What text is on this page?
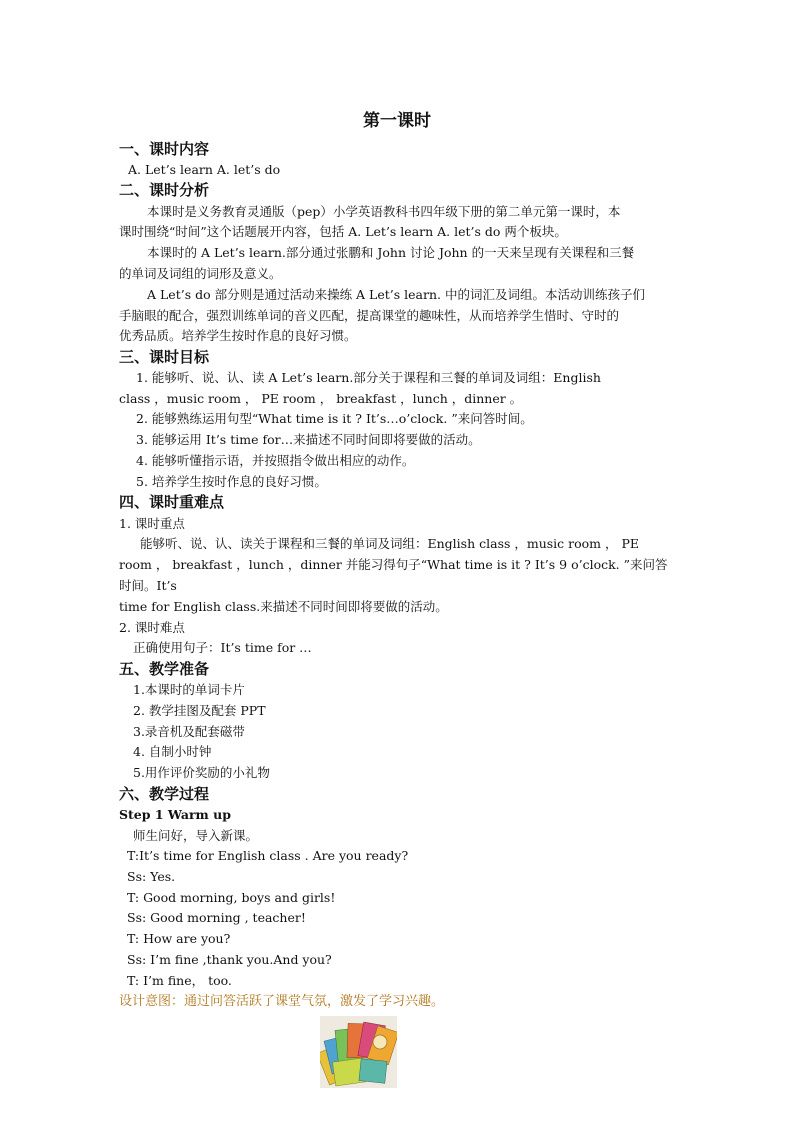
第一课时
一、课时内容
A. Let’s learn A. let’s do
二、课时分析
本课时是义务教育灵通版（pep）小学英语教科书四年级下册的第二单元第一课时，本
课时围绕“时间”这个话题展开内容，包括 A. Let’s learn A. let’s do 两个板块。
本课时的 A Let’s learn.部分通过张鹏和 John 讨论 John 的一天来呈现有关课程和三餐
的单词及词组的词形及意义。
A Let’s do 部分则是通过活动来操练 A Let’s learn. 中的词汇及词组。本活动训练孩子们
手脑眼的配合，强烈训练单词的音义匹配，提高课堂的趣味性，从而培养学生惜时、守时的
优秀品质。培养学生按时作息的良好习惯。
三、课时目标
1. 能够听、说、认、读 A Let’s learn.部分关于课程和三餐的单词及词组：English
class ，music room ， PE room ， breakfast ，lunch ，dinner 。
2. 能够熟练运用句型“What time is it ? It’s…o’clock. ”来问答时间。
3. 能够运用 It’s time for…来描述不同时间即将要做的活动。
4. 能够听懂指示语，并按照指令做出相应的动作。
5. 培养学生按时作息的良好习惯。
四、课时重难点
1. 课时重点
能够听、说、认、读关于课程和三餐的单词及词组：English class ，music room ， PE
room ， breakfast ，lunch ，dinner 并能习得句子“What time is it ? It’s 9 o’clock. ”来问答
时间。It’s
time for English class.来描述不同时间即将要做的活动。
2. 课时难点
正确使用句子：It’s time for …
五、教学准备
1.本课时的单词卡片
2. 教学挂图及配套 PPT
3.录音机及配套磁带
4. 自制小时钟
5.用作评价奖励的小礼物
六、教学过程
Step 1 Warm up
师生问好，导入新课。
T:It’s time for English class . Are you ready?
Ss: Yes.
T: Good morning, boys and girls!
Ss: Good morning , teacher!
T: How are you?
Ss: I’m fine ,thank you.And you?
T: I’m fine， too.
设计意图：通过问答活跃了课堂气氛，激发了学习兴趣。
